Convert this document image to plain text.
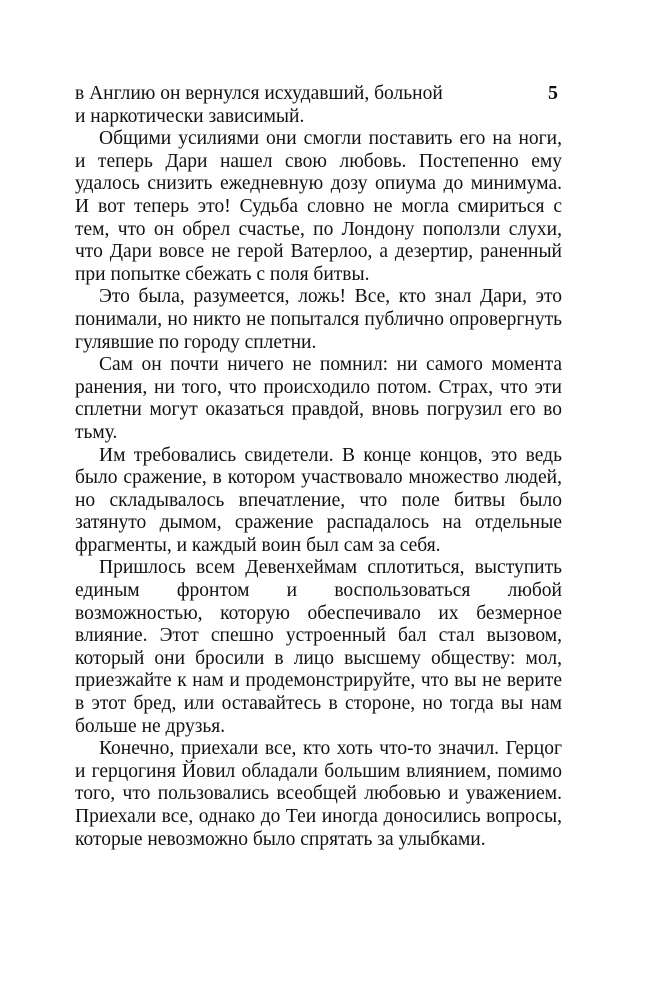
5

в Англию он вернулся исхудавший, больной

и наркотически зависимый.

Общими усилиями они смогли поставить его на ноги, и теперь Дари нашел свою любовь. Постепенно ему удалось снизить ежедневную дозу опиума до минимума. И вот теперь это! Судьба словно не могла смириться с тем, что он обрел счастье, по Лондону поползли слухи, что Дари вовсе не герой Ватерлоо, а дезертир, раненный при попытке сбежать с поля битвы.

Это была, разумеется, ложь! Все, кто знал Дари, это понимали, но никто не попытался публично опровергнуть гулявшие по городу сплетни.

Сам он почти ничего не помнил: ни самого момента ранения, ни того, что происходило потом. Страх, что эти сплетни могут оказаться правдой, вновь погрузил его во тьму.

Им требовались свидетели. В конце концов, это ведь было сражение, в котором участвовало множество людей, но складывалось впечатление, что поле битвы было затянуто дымом, сражение распадалось на отдельные фрагменты, и каждый воин был сам за себя.

Пришлось всем Девенхеймам сплотиться, выступить единым фронтом и воспользоваться любой возможностью, которую обеспечивало их безмерное влияние. Этот спешно устроенный бал стал вызовом, который они бросили в лицо высшему обществу: мол, приезжайте к нам и продемонстрируйте, что вы не верите в этот бред, или оставайтесь в стороне, но тогда вы нам больше не друзья.

Конечно, приехали все, кто хоть что-то значил. Герцог и герцогиня Йовил обладали большим влиянием, помимо того, что пользовались всеобщей любовью и уважением. Приехали все, однако до Теи иногда доносились вопросы, которые невозможно было спрятать за улыбками.
